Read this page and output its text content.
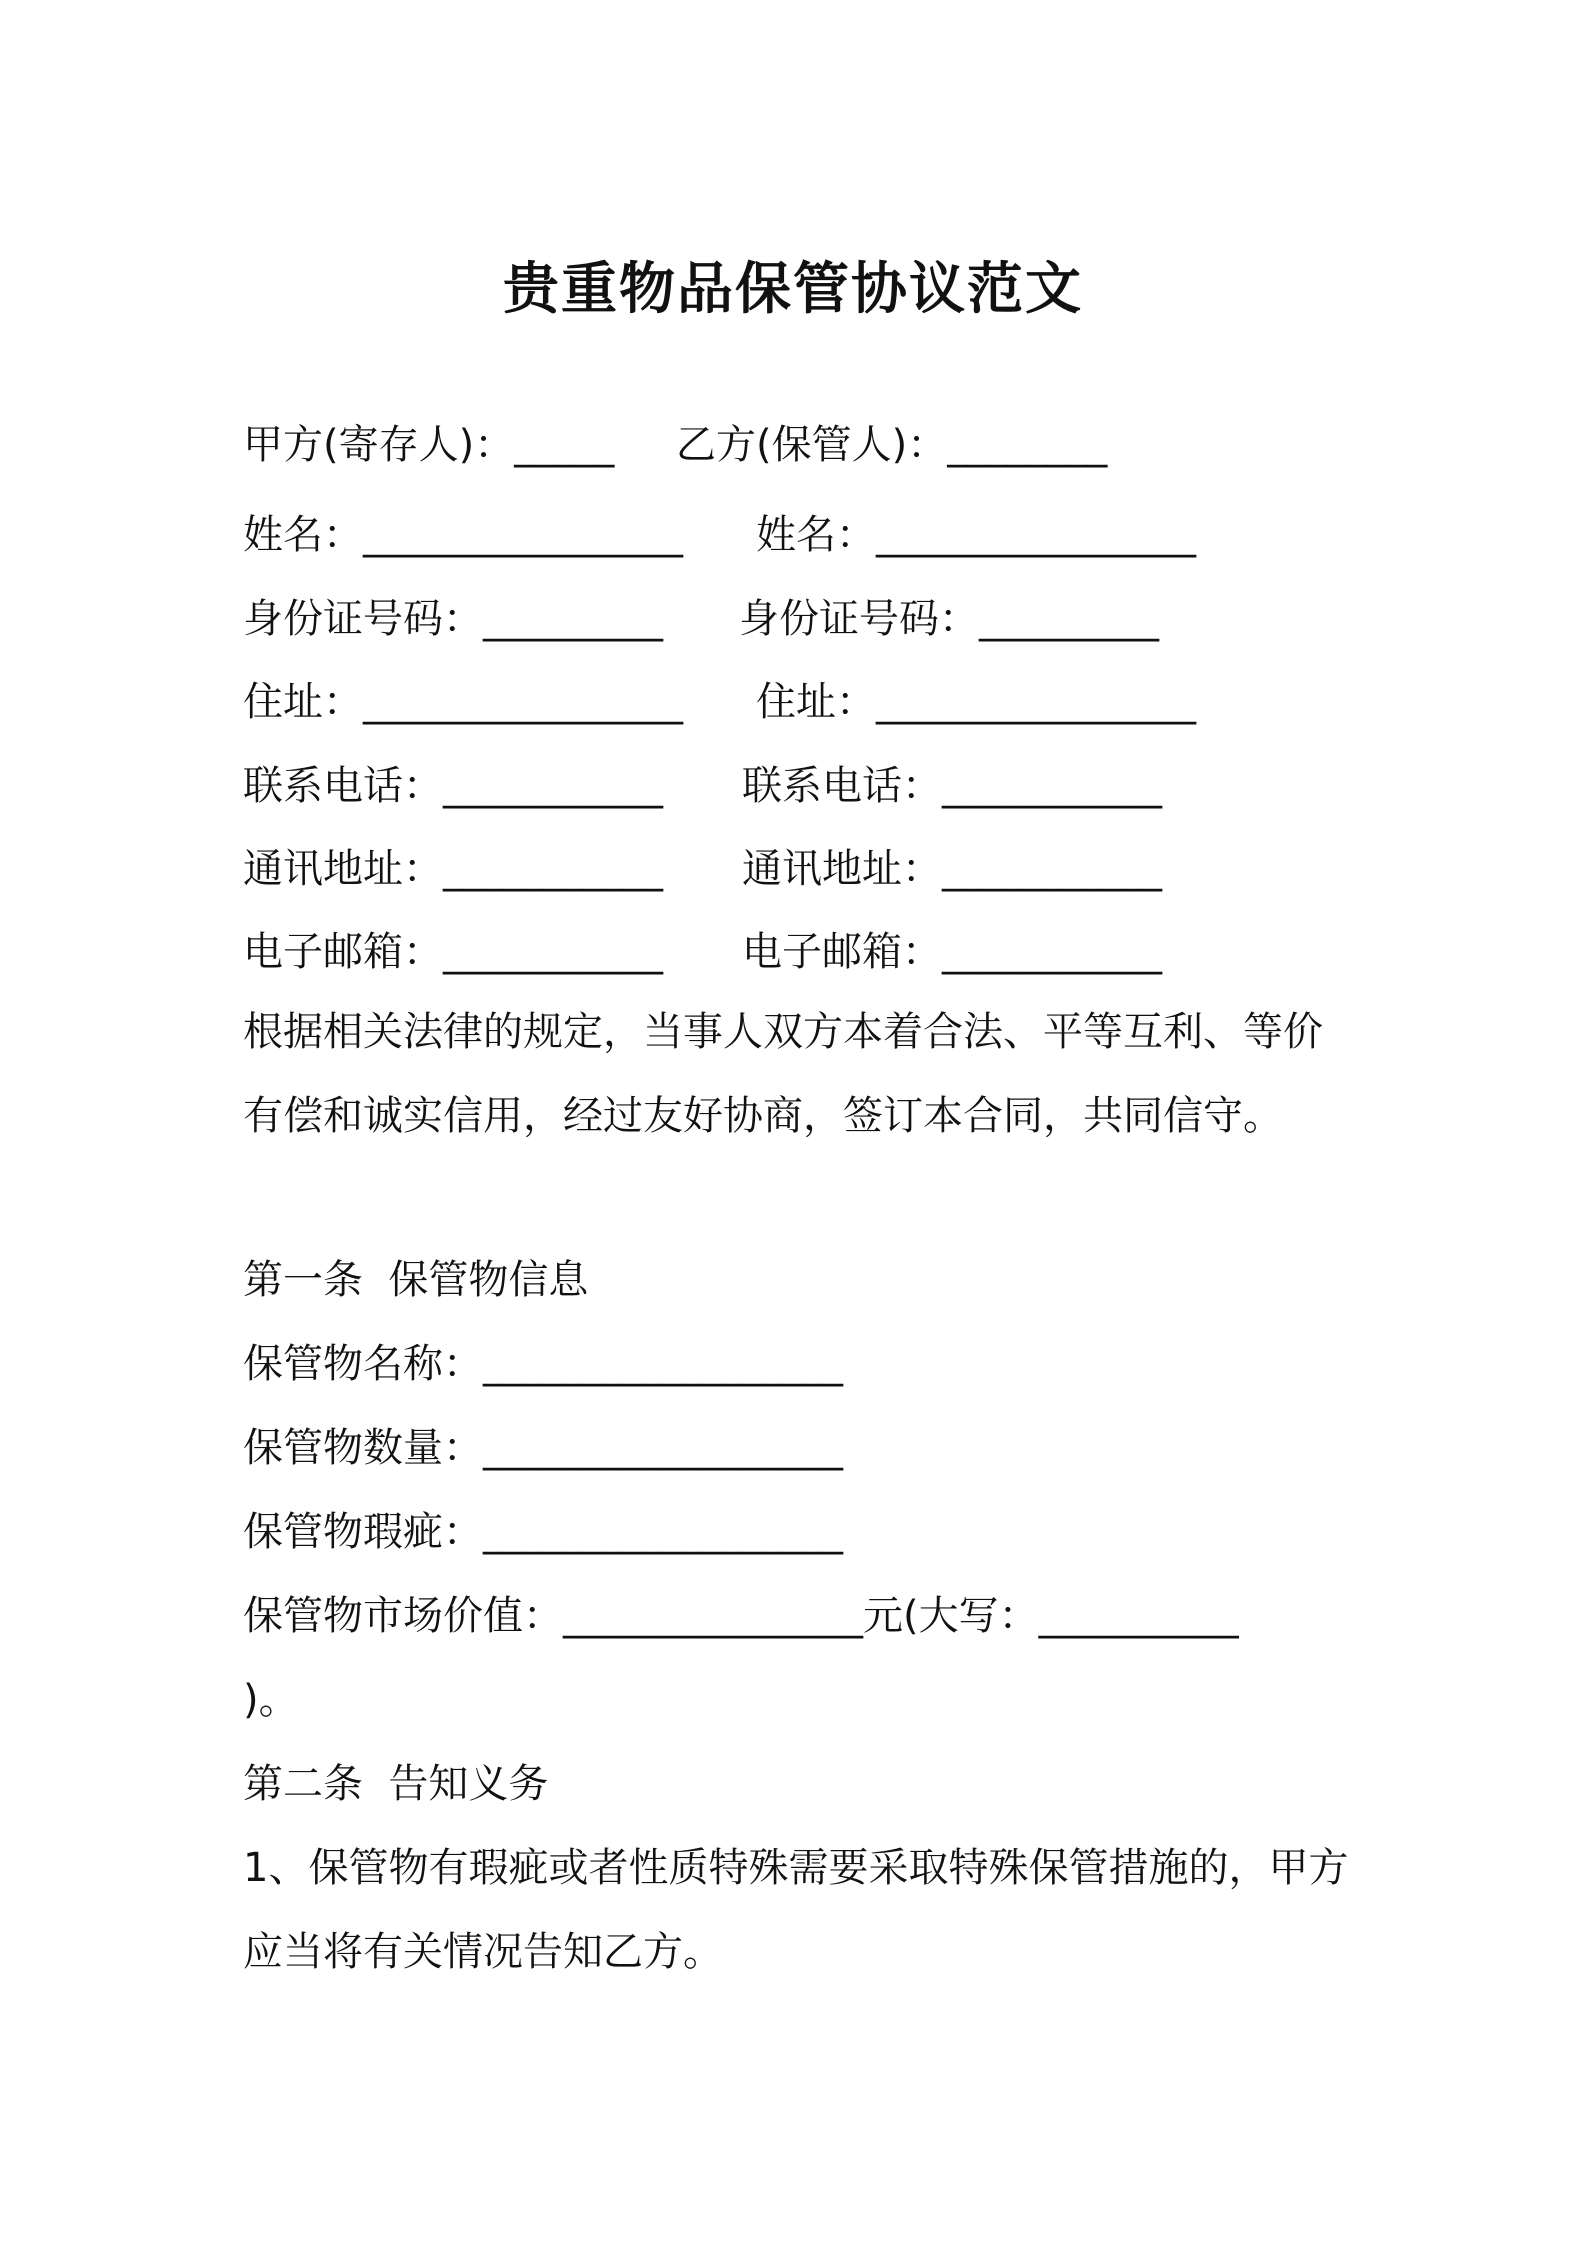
贵重物品保管协议范文
甲方(寄存人)：_____ 乙方(保管人)：________
姓名：________________ 姓名：________________
身份证号码：_________ 身份证号码：_________
住址：________________ 住址：________________
联系电话：___________ 联系电话：___________
通讯地址：___________ 通讯地址：___________
电子邮箱：___________ 电子邮箱：___________
根据相关法律的规定，当事人双方本着合法、平等互利、等价有偿和诚实信用，经过友好协商，签订本合同，共同信守。
第一条  保管物信息
保管物名称：__________________
保管物数量：__________________
保管物瑕疵：__________________
保管物市场价值：_______________元(大写：__________
)。
第二条  告知义务
1、保管物有瑕疵或者性质特殊需要采取特殊保管措施的，甲方应当将有关情况告知乙方。
